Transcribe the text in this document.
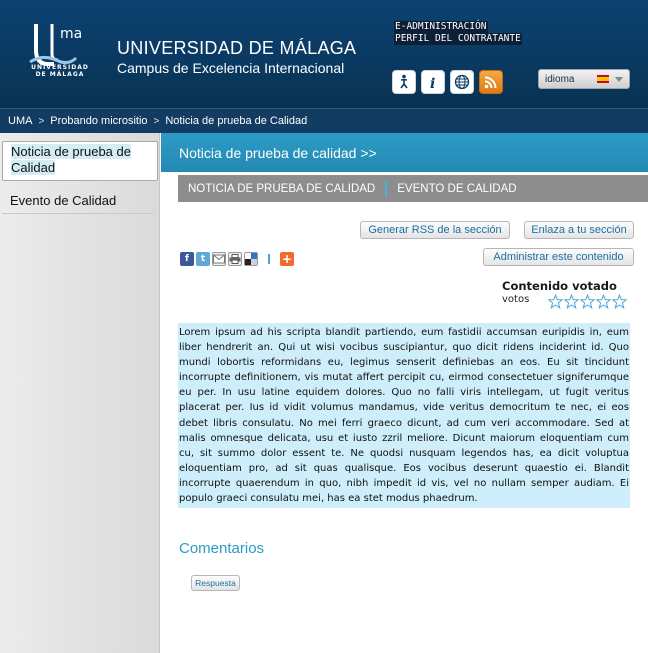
ma
UNIVERSIDAD DE MÁLAGA
UNIVERSIDAD DE MÁLAGA
Campus de Excelencia Internacional
E-ADMINISTRACIÓN
PERFIL DEL CONTRATANTE
i	idioma
UMA > Probando micrositio > Noticia de prueba de Calidad
Noticia de prueba de Calidad
Evento de Calidad
Noticia de prueba de calidad >>
NOTICIA DE PRUEBA DE CALIDAD	EVENTO DE CALIDAD
Generar RSS de la sección	Enlaza a tu sección
Administrar este contenido
f	t	+
Contenido votado
votos
Lorem ipsum ad his scripta blandit partiendo, eum fastidii accumsan euripidis in, eum liber hendrerit an. Qui ut wisi vocibus suscipiantur, quo dicit ridens inciderint id. Quo mundi lobortis reformidans eu, legimus senserit definiebas an eos. Eu sit tincidunt incorrupte definitionem, vis mutat affert percipit cu, eirmod consectetuer signiferumque eu per. In usu latine equidem dolores. Quo no falli viris intellegam, ut fugit veritus placerat per. Ius id vidit volumus mandamus, vide veritus democritum te nec, ei eos debet libris consulatu. No mei ferri graeco dicunt, ad cum veri accommodare. Sed at malis omnesque delicata, usu et iusto zzril meliore. Dicunt maiorum eloquentiam cum cu, sit summo dolor essent te. Ne quodsi nusquam legendos has, ea dicit voluptua eloquentiam pro, ad sit quas qualisque. Eos vocibus deserunt quaestio ei. Blandit incorrupte quaerendum in quo, nibh impedit id vis, vel no nullam semper audiam. Ei populo graeci consulatu mei, has ea stet modus phaedrum.
Comentarios
Respuesta
